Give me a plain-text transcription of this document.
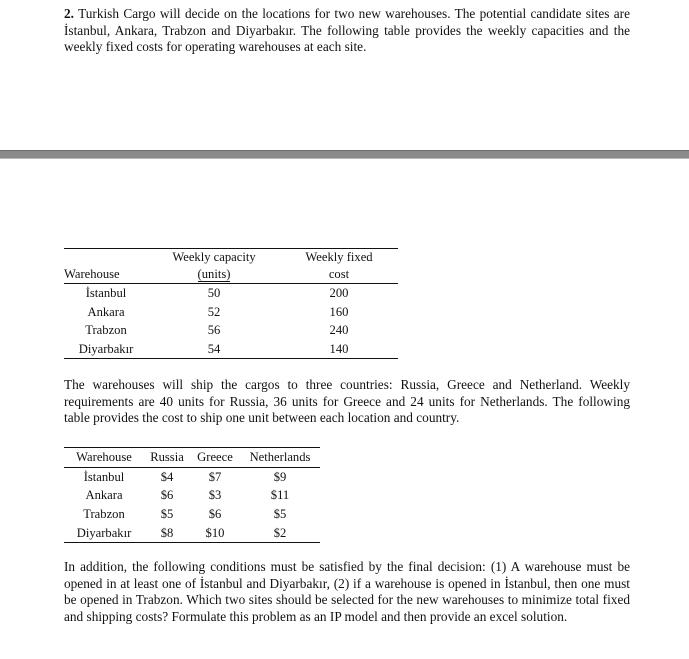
2. Turkish Cargo will decide on the locations for two new warehouses. The potential candidate sites are İstanbul, Ankara, Trabzon and Diyarbakır. The following table provides the weekly capacities and the weekly fixed costs for operating warehouses at each site.

	Weekly capacity	Weekly fixed
Warehouse	(units)	cost
İstanbul	50	200
Ankara	52	160
Trabzon	56	240
Diyarbakır	54	140

The warehouses will ship the cargos to three countries: Russia, Greece and Netherland. Weekly requirements are 40 units for Russia, 36 units for Greece and 24 units for Netherlands. The following table provides the cost to ship one unit between each location and country.

Warehouse	Russia	Greece	Netherlands
İstanbul	$4	$7	$9
Ankara	$6	$3	$11
Trabzon	$5	$6	$5
Diyarbakır	$8	$10	$2

In addition, the following conditions must be satisfied by the final decision: (1) A warehouse must be opened in at least one of İstanbul and Diyarbakır, (2) if a warehouse is opened in İstanbul, then one must be opened in Trabzon. Which two sites should be selected for the new warehouses to minimize total fixed and shipping costs? Formulate this problem as an IP model and then provide an excel solution.
